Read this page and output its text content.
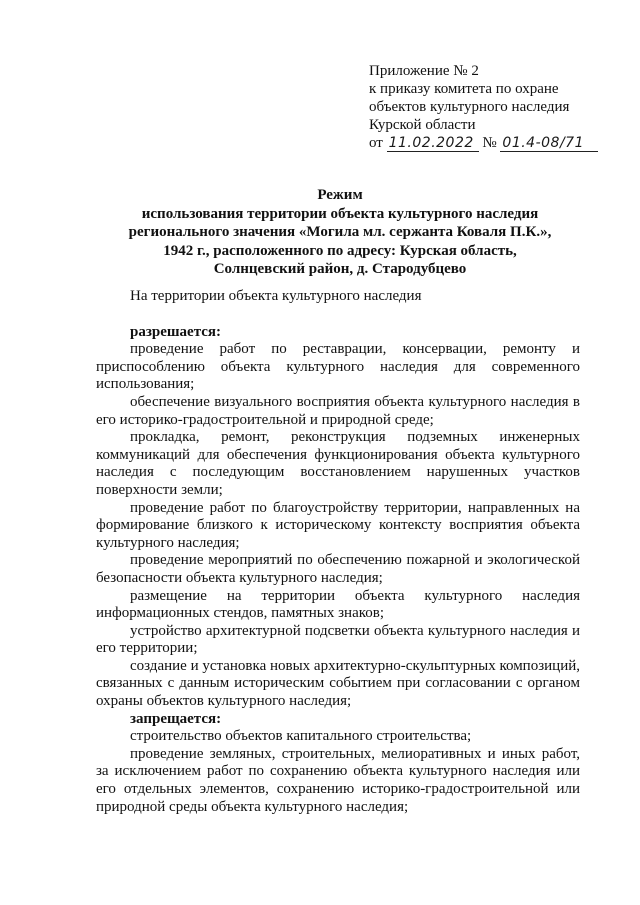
Приложение № 2
к приказу комитета по охране
объектов культурного наследия
Курской области
от 11.02.2022 № 01.4-08/71
Режим
использования территории объекта культурного наследия
регионального значения «Могила мл. сержанта Коваля П.К.»,
1942 г., расположенного по адресу: Курская область,
Солнцевский район, д. Стародубцево

На территории объекта культурного наследия

разрешается:

проведение работ по реставрации, консервации, ремонту и приспособлению объекта культурного наследия для современного использования;

обеспечение визуального восприятия объекта культурного наследия в его историко-градостроительной и природной среде;

прокладка, ремонт, реконструкция подземных инженерных коммуникаций для обеспечения функционирования объекта культурного наследия с последующим восстановлением нарушенных участков поверхности земли;

проведение работ по благоустройству территории, направленных на формирование близкого к историческому контексту восприятия объекта культурного наследия;

проведение мероприятий по обеспечению пожарной и экологической безопасности объекта культурного наследия;

размещение на территории объекта культурного наследия информационных стендов, памятных знаков;

устройство архитектурной подсветки объекта культурного наследия и его территории;

создание и установка новых архитектурно-скульптурных композиций, связанных с данным историческим событием при согласовании с органом охраны объектов культурного наследия;

запрещается:

строительство объектов капитального строительства;

проведение земляных, строительных, мелиоративных и иных работ, за исключением работ по сохранению объекта культурного наследия или его отдельных элементов, сохранению историко-градостроительной или природной среды объекта культурного наследия;
